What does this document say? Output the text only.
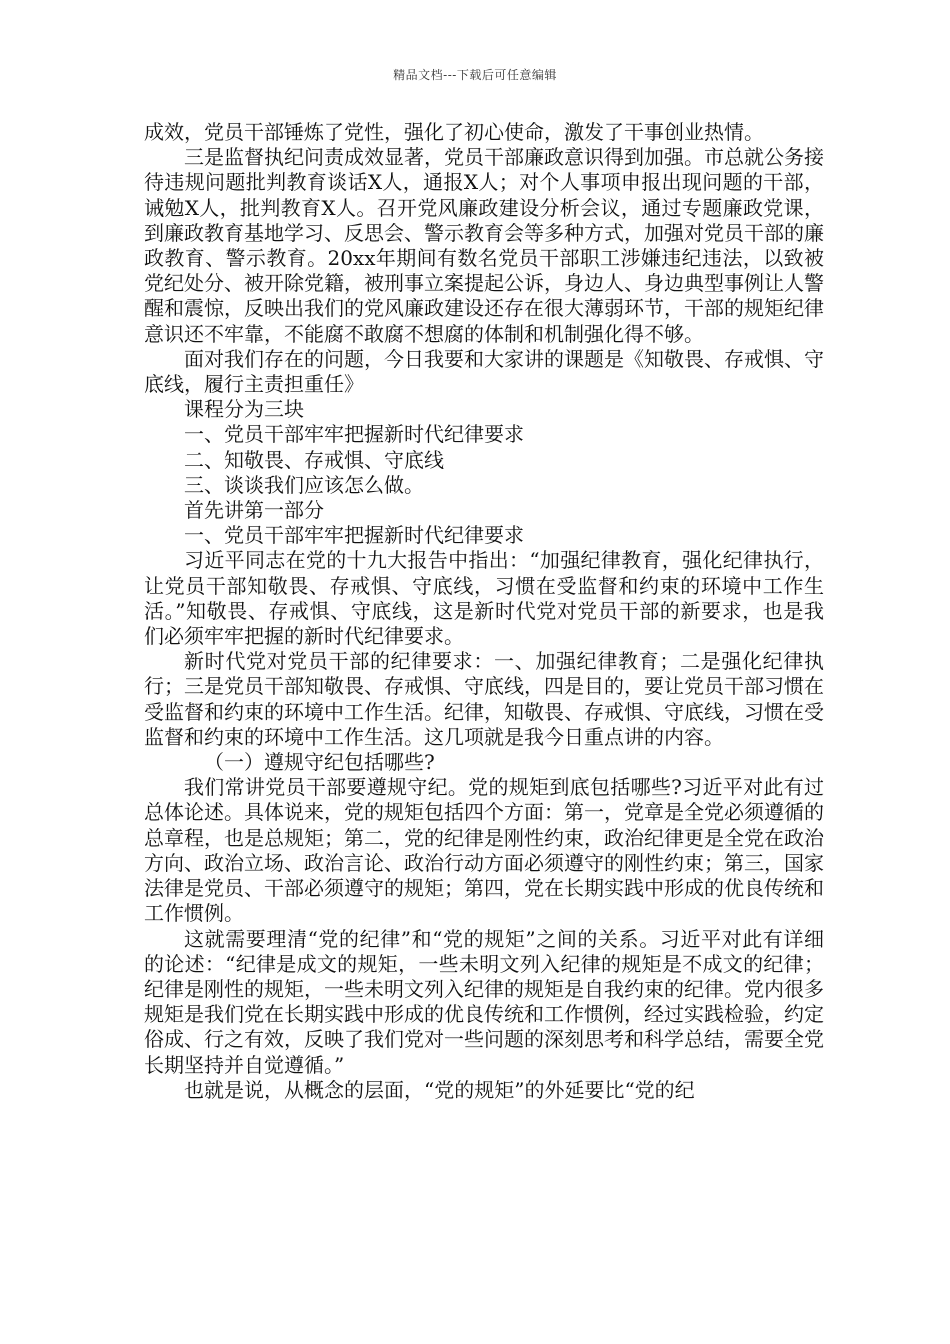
精品文档---下载后可任意编辑

成效，党员干部锤炼了党性，强化了初心使命，激发了干事创业热情。

三是监督执纪问责成效显著，党员干部廉政意识得到加强。市总就公务接待违规问题批判教育谈话X人，通报X人；对个人事项申报出现问题的干部，诫勉X人，批判教育X人。召开党风廉政建设分析会议，通过专题廉政党课，到廉政教育基地学习、反思会、警示教育会等多种方式，加强对党员干部的廉政教育、警示教育。20xx年期间有数名党员干部职工涉嫌违纪违法，以致被党纪处分、被开除党籍，被刑事立案提起公诉，身边人、身边典型事例让人警醒和震惊，反映出我们的党风廉政建设还存在很大薄弱环节，干部的规矩纪律意识还不牢靠，不能腐不敢腐不想腐的体制和机制强化得不够。

面对我们存在的问题，今日我要和大家讲的课题是《知敬畏、存戒惧、守底线，履行主责担重任》

课程分为三块

一、党员干部牢牢把握新时代纪律要求

二、知敬畏、存戒惧、守底线

三、谈谈我们应该怎么做。

首先讲第一部分

一、党员干部牢牢把握新时代纪律要求

习近平同志在党的十九大报告中指出：“加强纪律教育，强化纪律执行，让党员干部知敬畏、存戒惧、守底线，习惯在受监督和约束的环境中工作生活。”知敬畏、存戒惧、守底线，这是新时代党对党员干部的新要求，也是我们必须牢牢把握的新时代纪律要求。

新时代党对党员干部的纪律要求：一、加强纪律教育；二是强化纪律执行；三是党员干部知敬畏、存戒惧、守底线，四是目的，要让党员干部习惯在受监督和约束的环境中工作生活。纪律，知敬畏、存戒惧、守底线，习惯在受监督和约束的环境中工作生活。这几项就是我今日重点讲的内容。

（一）遵规守纪包括哪些?

我们常讲党员干部要遵规守纪。党的规矩到底包括哪些?习近平对此有过总体论述。具体说来，党的规矩包括四个方面：第一，党章是全党必须遵循的总章程，也是总规矩；第二，党的纪律是刚性约束，政治纪律更是全党在政治方向、政治立场、政治言论、政治行动方面必须遵守的刚性约束；第三，国家法律是党员、干部必须遵守的规矩；第四，党在长期实践中形成的优良传统和工作惯例。

这就需要理清“党的纪律”和“党的规矩”之间的关系。习近平对此有详细的论述：“纪律是成文的规矩，一些未明文列入纪律的规矩是不成文的纪律；纪律是刚性的规矩，一些未明文列入纪律的规矩是自我约束的纪律。党内很多规矩是我们党在长期实践中形成的优良传统和工作惯例，经过实践检验，约定俗成、行之有效，反映了我们党对一些问题的深刻思考和科学总结，需要全党长期坚持并自觉遵循。”

也就是说，从概念的层面，“党的规矩”的外延要比“党的纪
